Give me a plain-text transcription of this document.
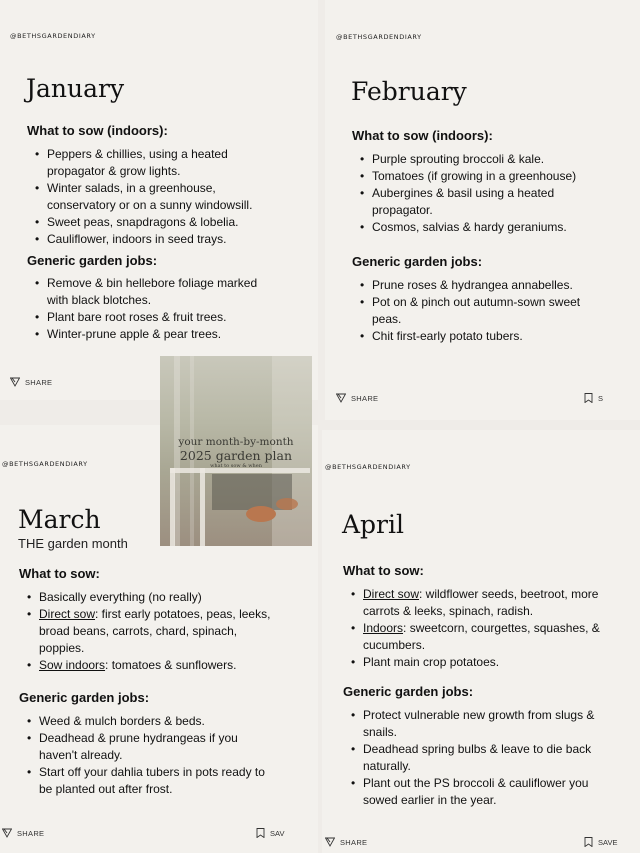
@BETHSGARDENDIARY
January
What to sow (indoors):
• Peppers & chillies, using a heated propagator & grow lights.
• Winter salads, in a greenhouse, conservatory or on a sunny windowsill.
• Sweet peas, snapdragons & lobelia.
• Cauliflower, indoors in seed trays.
Generic garden jobs:
• Remove & bin hellebore foliage marked with black blotches.
• Plant bare root roses & fruit trees.
• Winter-prune apple & pear trees.
SHARE
@BETHSGARDENDIARY
February
What to sow (indoors):
• Purple sprouting broccoli & kale.
• Tomatoes (if growing in a greenhouse)
• Aubergines & basil using a heated propagator.
• Cosmos, salvias & hardy geraniums.
Generic garden jobs:
• Prune roses & hydrangea annabelles.
• Pot on & pinch out autumn-sown sweet peas.
• Chit first-early potato tubers.
SHARE	S
@BETHSGARDENDIARY
March
THE garden month
What to sow:
• Basically everything (no really)
• Direct sow: first early potatoes, peas, leeks, broad beans, carrots, chard, spinach, poppies.
• Sow indoors: tomatoes & sunflowers.
Generic garden jobs:
• Weed & mulch borders & beds.
• Deadhead & prune hydrangeas if you haven't already.
• Start off your dahlia tubers in pots ready to be planted out after frost.
SHARE	SAV
@BETHSGARDENDIARY
April
What to sow:
• Direct sow: wildflower seeds, beetroot, more carrots & leeks, spinach, radish.
• Indoors: sweetcorn, courgettes, squashes, & cucumbers.
• Plant main crop potatoes.
Generic garden jobs:
• Protect vulnerable new growth from slugs & snails.
• Deadhead spring bulbs & leave to die back naturally.
• Plant out the PS broccoli & cauliflower you sowed earlier in the year.
SHARE	SAVE
your month-by-month
2025 garden plan
what to sow & when
